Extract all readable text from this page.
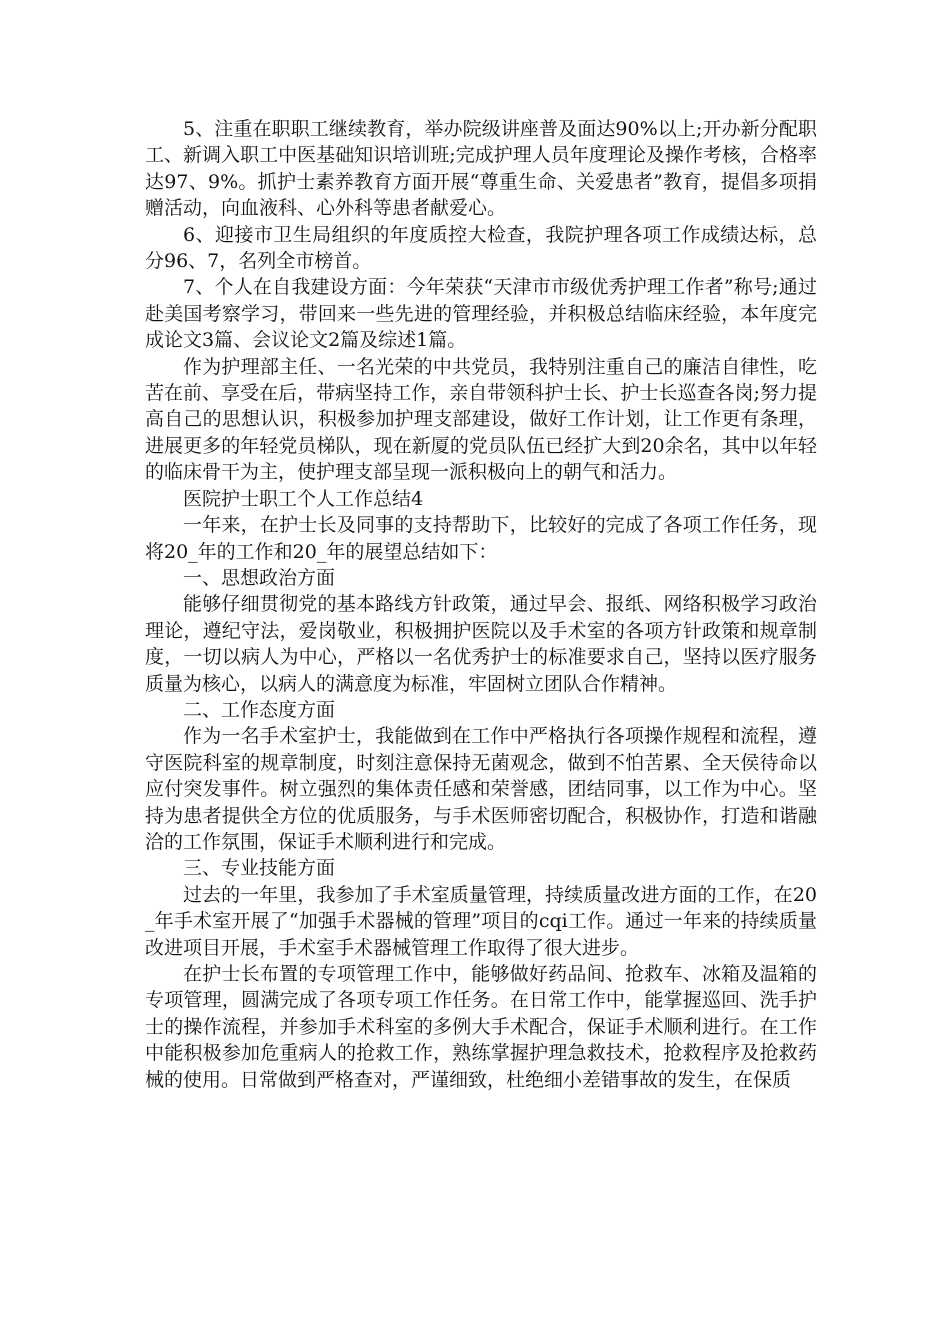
5、注重在职职工继续教育，举办院级讲座普及面达90%以上;开办新分配职工、新调入职工中医基础知识培训班;完成护理人员年度理论及操作考核，合格率达97、9%。抓护士素养教育方面开展“尊重生命、关爱患者”教育，提倡多项捐赠活动，向血液科、心外科等患者献爱心。

6、迎接市卫生局组织的年度质控大检查，我院护理各项工作成绩达标，总分96、7，名列全市榜首。

7、个人在自我建设方面：今年荣获“天津市市级优秀护理工作者”称号;通过赴美国考察学习，带回来一些先进的管理经验，并积极总结临床经验，本年度完成论文3篇、会议论文2篇及综述1篇。

作为护理部主任、一名光荣的中共党员，我特别注重自己的廉洁自律性，吃苦在前、享受在后，带病坚持工作，亲自带领科护士长、护士长巡查各岗;努力提高自己的思想认识，积极参加护理支部建设，做好工作计划，让工作更有条理，进展更多的年轻党员梯队，现在新厦的党员队伍已经扩大到20余名，其中以年轻的临床骨干为主，使护理支部呈现一派积极向上的朝气和活力。

医院护士职工个人工作总结4

一年来，在护士长及同事的支持帮助下，比较好的完成了各项工作任务，现将20_年的工作和20_年的展望总结如下：

一、思想政治方面

能够仔细贯彻党的基本路线方针政策，通过早会、报纸、网络积极学习政治理论，遵纪守法，爱岗敬业，积极拥护医院以及手术室的各项方针政策和规章制度，一切以病人为中心，严格以一名优秀护士的标准要求自己，坚持以医疗服务质量为核心，以病人的满意度为标准，牢固树立团队合作精神。

二、工作态度方面

作为一名手术室护士，我能做到在工作中严格执行各项操作规程和流程，遵守医院科室的规章制度，时刻注意保持无菌观念，做到不怕苦累、全天侯待命以应付突发事件。树立强烈的集体责任感和荣誉感，团结同事，以工作为中心。坚持为患者提供全方位的优质服务，与手术医师密切配合，积极协作，打造和谐融洽的工作氛围，保证手术顺利进行和完成。

三、专业技能方面

过去的一年里，我参加了手术室质量管理，持续质量改进方面的工作，在20_年手术室开展了“加强手术器械的管理”项目的cqi工作。通过一年来的持续质量改进项目开展，手术室手术器械管理工作取得了很大进步。

在护士长布置的专项管理工作中，能够做好药品间、抢救车、冰箱及温箱的专项管理，圆满完成了各项专项工作任务。在日常工作中，能掌握巡回、洗手护士的操作流程，并参加手术科室的多例大手术配合，保证手术顺利进行。在工作中能积极参加危重病人的抢救工作，熟练掌握护理急救技术，抢救程序及抢救药械的使用。日常做到严格查对，严谨细致，杜绝细小差错事故的发生，在保质
